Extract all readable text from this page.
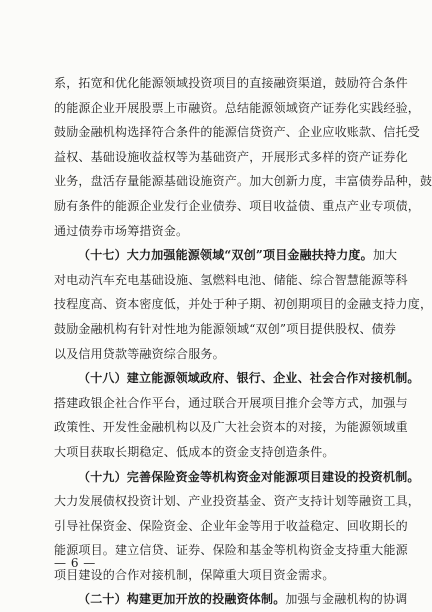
系，拓宽和优化能源领域投资项目的直接融资渠道，鼓励符合条件
的能源企业开展股票上市融资。总结能源领域资产证券化实践经验，
鼓励金融机构选择符合条件的能源信贷资产、企业应收账款、信托受
益权、基础设施收益权等为基础资产，开展形式多样的资产证券化
业务，盘活存量能源基础设施资产。加大创新力度，丰富债券品种，鼓
励有条件的能源企业发行企业债券、项目收益债、重点产业专项债，
通过债券市场筹措资金。
（十七）大力加强能源领域“双创”项目金融扶持力度。加大
对电动汽车充电基础设施、氢燃料电池、储能、综合智慧能源等科
技程度高、资本密度低，并处于种子期、初创期项目的金融支持力度，
鼓励金融机构有针对性地为能源领域“双创”项目提供股权、债券
以及信用贷款等融资综合服务。
（十八）建立能源领域政府、银行、企业、社会合作对接机制。
搭建政银企社合作平台，通过联合开展项目推介会等方式，加强与
政策性、开发性金融机构以及广大社会资本的对接，为能源领域重
大项目获取长期稳定、低成本的资金支持创造条件。
（十九）完善保险资金等机构资金对能源项目建设的投资机制。
大力发展债权投资计划、产业投资基金、资产支持计划等融资工具，
引导社保资金、保险资金、企业年金等用于收益稳定、回收期长的
能源项目。建立信贷、证券、保险和基金等机构资金支持重大能源
项目建设的合作对接机制，保障重大项目资金需求。
（二十）构建更加开放的投融资体制。加强与金融机构的协调
— 6 —
